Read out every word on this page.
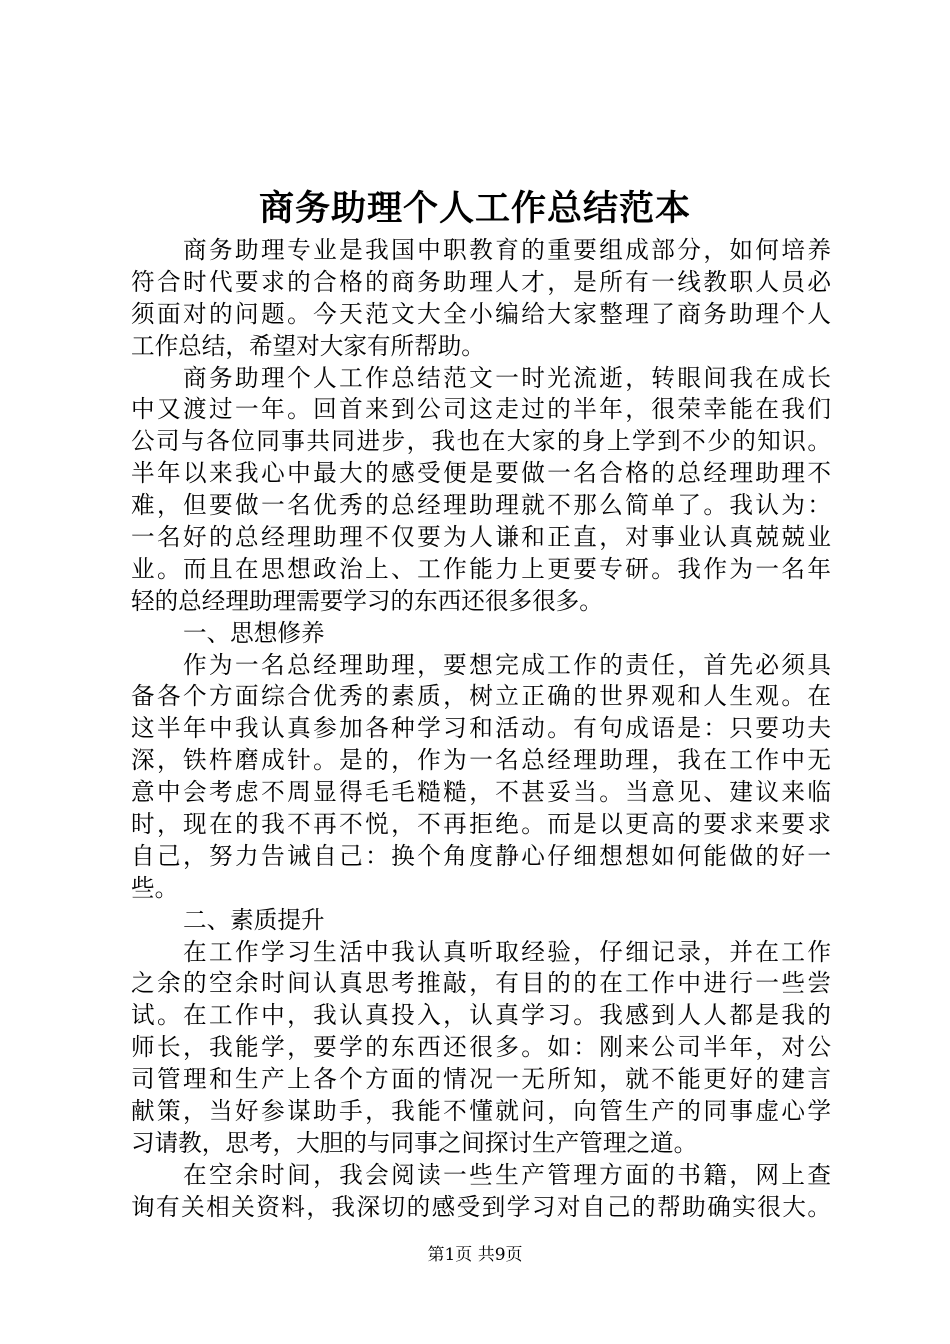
商务助理个人工作总结范本
商务助理专业是我国中职教育的重要组成部分，如何培养
符合时代要求的合格的商务助理人才，是所有一线教职人员必
须面对的问题。今天范文大全小编给大家整理了商务助理个人
工作总结，希望对大家有所帮助。
商务助理个人工作总结范文一时光流逝，转眼间我在成长
中又渡过一年。回首来到公司这走过的半年，很荣幸能在我们
公司与各位同事共同进步，我也在大家的身上学到不少的知识。
半年以来我心中最大的感受便是要做一名合格的总经理助理不
难，但要做一名优秀的总经理助理就不那么简单了。我认为：
一名好的总经理助理不仅要为人谦和正直，对事业认真兢兢业
业。而且在思想政治上、工作能力上更要专研。我作为一名年
轻的总经理助理需要学习的东西还很多很多。
一、思想修养
作为一名总经理助理，要想完成工作的责任，首先必须具
备各个方面综合优秀的素质，树立正确的世界观和人生观。在
这半年中我认真参加各种学习和活动。有句成语是：只要功夫
深，铁杵磨成针。是的，作为一名总经理助理，我在工作中无
意中会考虑不周显得毛毛糙糙，不甚妥当。当意见、建议来临
时，现在的我不再不悦，不再拒绝。而是以更高的要求来要求
自己，努力告诫自己：换个角度静心仔细想想如何能做的好一
些。
二、素质提升
在工作学习生活中我认真听取经验，仔细记录，并在工作
之余的空余时间认真思考推敲，有目的的在工作中进行一些尝
试。在工作中，我认真投入，认真学习。我感到人人都是我的
师长，我能学，要学的东西还很多。如：刚来公司半年，对公
司管理和生产上各个方面的情况一无所知，就不能更好的建言
献策，当好参谋助手，我能不懂就问，向管生产的同事虚心学
习请教，思考，大胆的与同事之间探讨生产管理之道。
在空余时间，我会阅读一些生产管理方面的书籍，网上查
询有关相关资料，我深切的感受到学习对自己的帮助确实很大。
第1页 共9页
